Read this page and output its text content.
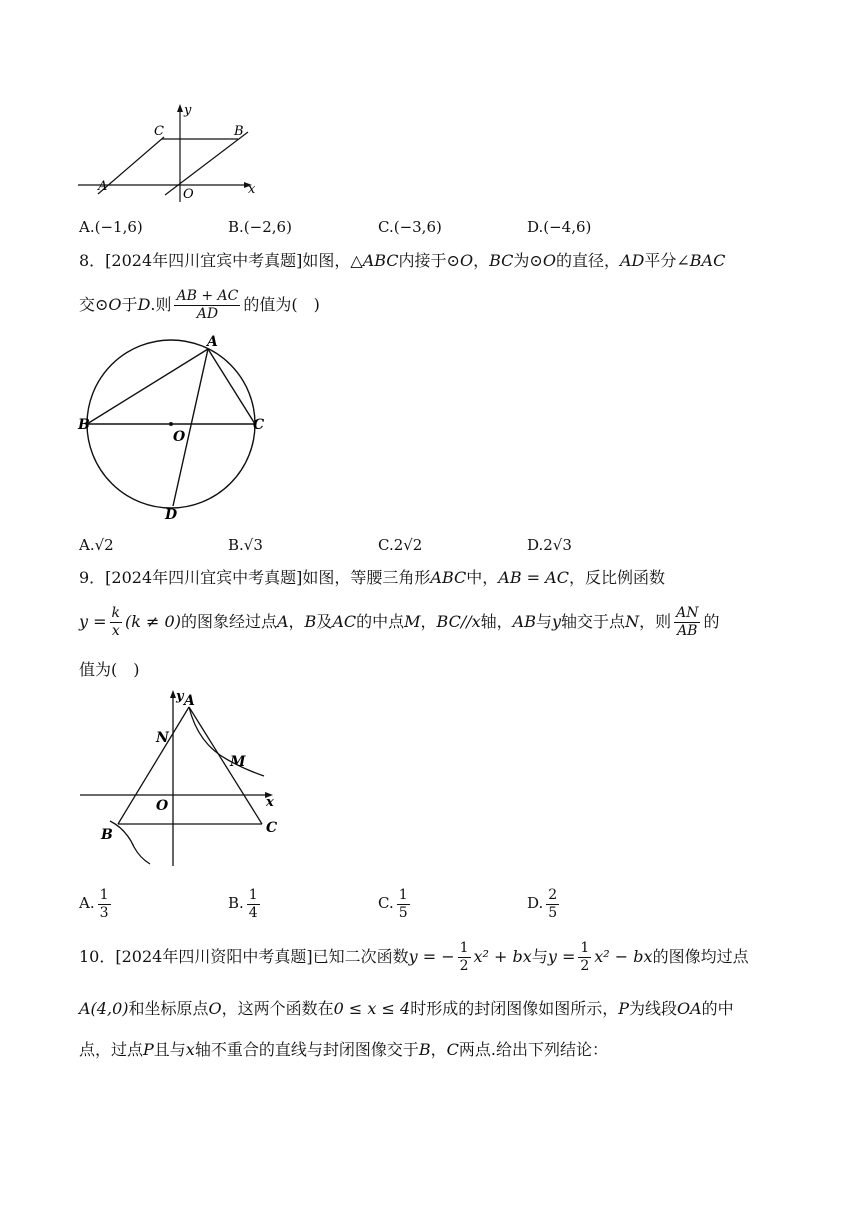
y
x
C	B
A
O
A.(−1,6)	B.(−2,6)	C.(−3,6)	D.(−4,6)
8．[2024年四川宜宾中考真题]如图，△ABC内接于⊙O，BC为⊙O的直径，AD平分∠BAC
交⊙O于D.则 $\frac{AB + AC}{AD}$ 的值为(　)
A
B	C
O
D
A.√2	B.√3	C.2√2	D.2√3
9．[2024年四川宜宾中考真题]如图，等腰三角形ABC中，AB = AC，反比例函数
$y = \frac{k}{x} (k \ne 0)$的图象经过点A，B及AC的中点M，BC//x轴，AB与y轴交于点N，则 $\frac{AN}{AB}$ 的
值为(　)
y A
N
M
O	x
B	C
A. $\frac{1}{3}$	B. $\frac{1}{4}$	C. $\frac{1}{5}$	D. $\frac{2}{5}$
10．[2024年四川资阳中考真题]已知二次函数y = − $\frac{1}{2} x^2$ + bx与$y = \frac{1}{2} x^2$ − bx的图像均过点
A(4,0)和坐标原点O，这两个函数在0 ≤ x ≤ 4时形成的封闭图像如图所示，P为线段OA的中
点，过点P且与x轴不重合的直线与封闭图像交于B，C两点.给出下列结论：
